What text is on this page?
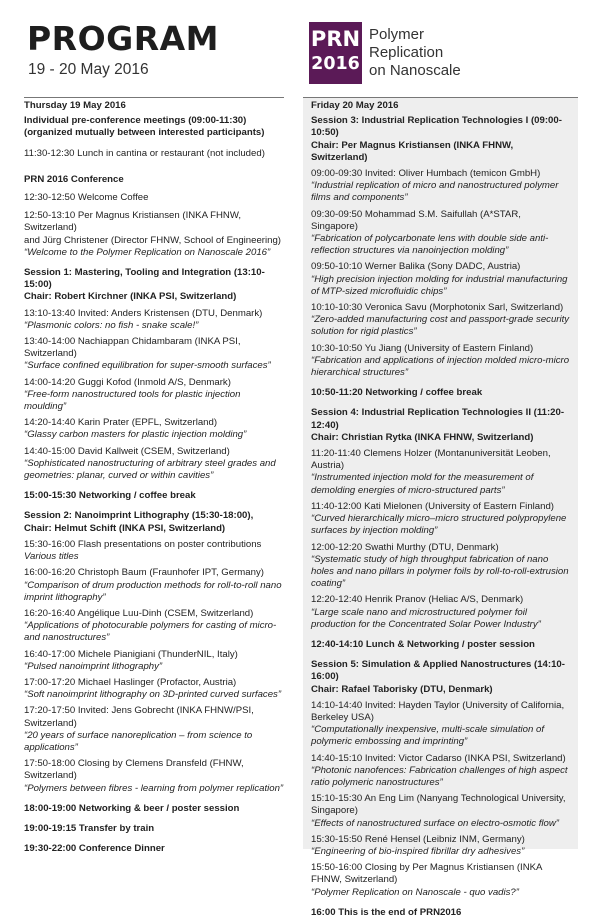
PROGRAM
19 - 20 May 2016
PRN
2016
Polymer
Replication
on Nanoscale
Thursday 19 May 2016
Individual pre-conference meetings (09:00-11:30)
(organized mutually between interested participants)
11:30-12:30 Lunch in cantina or restaurant (not included)
PRN 2016 Conference
12:30-12:50 Welcome Coffee
12:50-13:10 Per Magnus Kristiansen (INKA FHNW, Switzerland)
and Jürg Christener (Director FHNW, School of Engineering)
“Welcome to the Polymer Replication on Nanoscale 2016”
Session 1: Mastering, Tooling and Integration (13:10-15:00)
Chair: Robert Kirchner (INKA PSI, Switzerland)
13:10-13:40 Invited: Anders Kristensen (DTU, Denmark)
“Plasmonic colors: no fish - snake scale!”
13:40-14:00 Nachiappan Chidambaram (INKA PSI, Switzerland)
“Surface confined equilibration for super-smooth surfaces”
14:00-14:20 Guggi Kofod (Inmold A/S, Denmark)
“Free-form nanostructured tools for plastic injection moulding”
14:20-14:40 Karin Prater (EPFL, Switzerland)
“Glassy carbon masters for plastic injection molding”
14:40-15:00 David Kallweit (CSEM, Switzerland)
“Sophisticated nanostructuring of arbitrary steel grades and geometries: planar, curved or within cavities”
15:00-15:30 Networking / coffee break
Session 2: Nanoimprint Lithography (15:30-18:00),
Chair: Helmut Schift (INKA PSI, Switzerland)
15:30-16:00 Flash presentations on poster contributions
Various titles
16:00-16:20 Christoph Baum (Fraunhofer IPT, Germany)
“Comparison of drum production methods for roll-to-roll nano imprint lithography”
16:20-16:40 Angélique Luu-Dinh (CSEM, Switzerland)
“Applications of photocurable polymers for casting of micro- and nanostructures”
16:40-17:00 Michele Pianigiani (ThunderNIL, Italy)
“Pulsed nanoimprint lithography”
17:00-17:20 Michael Haslinger (Profactor, Austria)
“Soft nanoimprint lithography on 3D-printed curved surfaces”
17:20-17:50 Invited: Jens Gobrecht (INKA FHNW/PSI, Switzerland)
“20 years of surface nanoreplication – from science to applications”
17:50-18:00 Closing by Clemens Dransfeld (FHNW, Switzerland)
“Polymers between fibres - learning from polymer replication”
18:00-19:00 Networking & beer / poster session
19:00-19:15 Transfer by train
19:30-22:00 Conference Dinner
Friday 20 May 2016
Session 3: Industrial Replication Technologies I (09:00-10:50)
Chair: Per Magnus Kristiansen (INKA FHNW, Switzerland)
09:00-09:30 Invited: Oliver Humbach (temicon GmbH)
“Industrial replication of micro and nanostructured polymer films and components”
09:30-09:50 Mohammad S.M. Saifullah (A*STAR, Singapore)
“Fabrication of polycarbonate lens with double side anti-reflection structures via nanoinjection molding”
09:50-10:10 Werner Balika (Sony DADC, Austria)
“High precision injection molding for industrial manufacturing of MTP-sized microfluidic chips”
10:10-10:30 Veronica Savu (Morphotonix Sarl, Switzerland)
“Zero-added manufacturing cost and passport-grade security solution for rigid plastics”
10:30-10:50 Yu Jiang (University of Eastern Finland)
“Fabrication and applications of injection molded micro-micro hierarchical structures”
10:50-11:20 Networking / coffee break
Session 4: Industrial Replication Technologies II (11:20-12:40)
Chair: Christian Rytka (INKA FHNW, Switzerland)
11:20-11:40 Clemens Holzer (Montanuniversität Leoben, Austria)
“Instrumented injection mold for the measurement of demolding energies of micro-structured parts”
11:40-12:00 Kati Mielonen (University of Eastern Finland)
“Curved hierarchically micro–micro structured polypropylene surfaces by injection molding”
12:00-12:20 Swathi Murthy (DTU, Denmark)
“Systematic study of high throughput fabrication of nano holes and nano pillars in polymer foils by roll-to-roll-extrusion coating”
12:20-12:40 Henrik Pranov (Heliac A/S, Denmark)
“Large scale nano and microstructured polymer foil production for the Concentrated Solar Power Industry”
12:40-14:10 Lunch & Networking / poster session
Session 5: Simulation & Applied Nanostructures (14:10-16:00)
Chair: Rafael Taborisky (DTU, Denmark)
14:10-14:40 Invited: Hayden Taylor (University of California, Berkeley USA)
“Computationally inexpensive, multi-scale simulation of polymeric embossing and imprinting”
14:40-15:10 Invited: Victor Cadarso (INKA PSI, Switzerland)
“Photonic nanofences: Fabrication challenges of high aspect ratio polymeric nanostructures”
15:10-15:30 An Eng Lim (Nanyang Technological University, Singapore)
“Effects of nanostructured surface on electro-osmotic flow”
15:30-15:50 René Hensel (Leibniz INM, Germany)
“Engineering of bio-inspired fibrillar dry adhesives”
15:50-16:00 Closing by Per Magnus Kristiansen (INKA FHNW, Switzerland)
“Polymer Replication on Nanoscale - quo vadis?”
16:00 This is the end of PRN2016
